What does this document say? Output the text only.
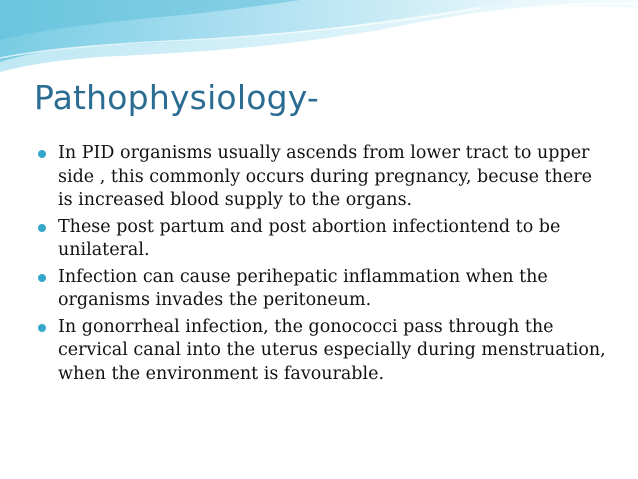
Pathophysiology-
In PID organisms usually ascends from lower tract to upper side , this commonly occurs during pregnancy, becuse there is increased blood supply to the organs.
These post partum and post abortion infectiontend to be unilateral.
Infection can cause perihepatic inflammation when the organisms invades the peritoneum.
In gonorrheal infection, the gonococci pass through the cervical canal into the uterus especially during menstruation, when the environment is favourable.
